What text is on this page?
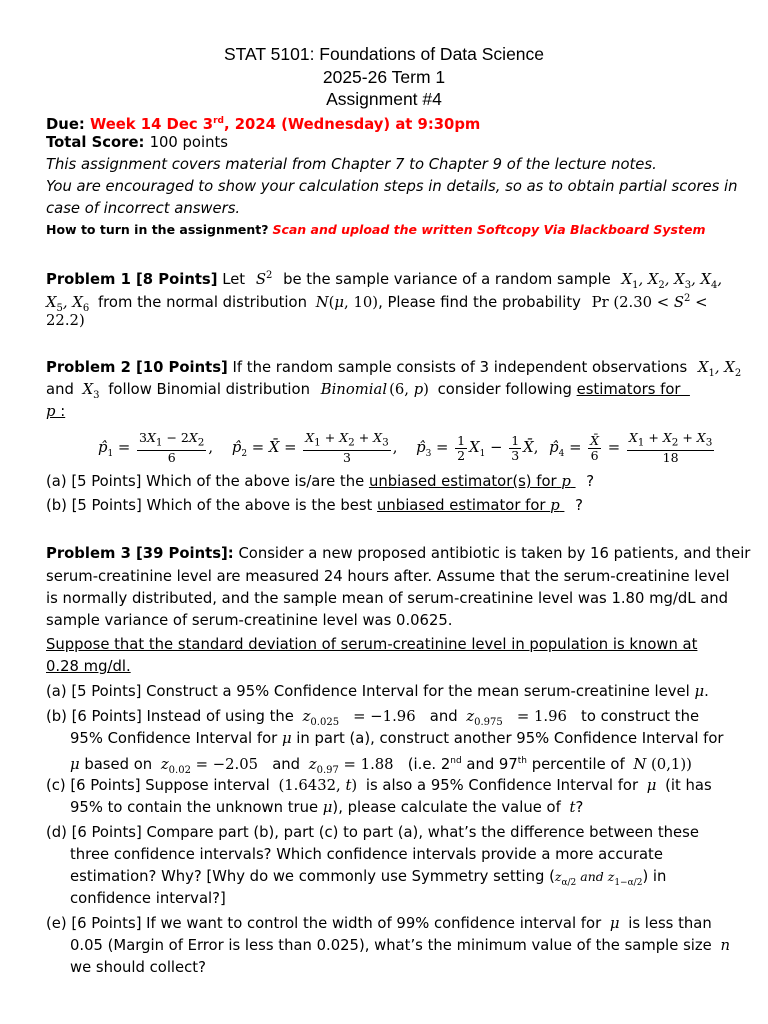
STAT 5101: Foundations of Data Science
2025-26 Term 1
Assignment #4
Due: Week 14 Dec 3rd, 2024 (Wednesday) at 9:30pm
Total Score: 100 points
This assignment covers material from Chapter 7 to Chapter 9 of the lecture notes.
You are encouraged to show your calculation steps in details, so as to obtain partial scores in
case of incorrect answers.
How to turn in the assignment? Scan and upload the written Softcopy Via Blackboard System
Problem 1 [8 Points] Let $S^2$ be the sample variance of a random sample $X_1$, $X_2$, $X_3$, $X_4$,
$X_5$, $X_6$ from the normal distribution N(μ, 10), Please find the probability Pr ($2.30 < S^2$ <
22.2)
Problem 2 [10 Points] If the random sample consists of 3 independent observations $X_1$, $X_2$
and $X_3$ follow Binomial distribution Binomial (6, p) consider following estimators for
p :
$p̂_1 = \frac{3X_1 - 2X_2}{6}$ , $p̂_2$ = X̄ = $\frac{X_1 + X_2 + X_3}{3}$ , $p̂_3 = \frac{1}{2} X_1 - \frac{1}{3}$ X̄, $p̂_4 = \frac{X̄}{6} = \frac{X_1 + X_2 + X_3}{18}$
(a) [5 Points] Which of the above is/are the unbiased estimator(s) for p ?
(b) [5 Points] Which of the above is the best unbiased estimator for p ?
Problem 3 [39 Points]: Consider a new proposed antibiotic is taken by 16 patients, and their
serum-creatinine level are measured 24 hours after. Assume that the serum-creatinine level
is normally distributed, and the sample mean of serum-creatinine level was 1.80 mg/dL and
sample variance of serum-creatinine level was 0.0625.
Suppose that the standard deviation of serum-creatinine level in population is known at
0.28 mg/dl.
(a) [5 Points] Construct a 95% Confidence Interval for the mean serum-creatinine level μ.
(b) [6 Points] Instead of using the $z_{0.025} = -1.96$   and $z_{0.975} = 1.96$   to construct the
95% Confidence Interval for μ in part (a), construct another 95% Confidence Interval for
μ based on $z_{0.02} = -2.05$   and $z_{0.97} = 1.88$   (i.e. 2nd and 97th percentile of N (0,1))
(c) [6 Points] Suppose interval (1.6432, t) is also a 95% Confidence Interval for μ (it has
95% to contain the unknown true μ), please calculate the value of t?
(d) [6 Points] Compare part (b), part (c) to part (a), what’s the difference between these
three confidence intervals? Which confidence intervals provide a more accurate
estimation? Why? [Why do we commonly use Symmetry setting ($z_{\alpha/2}$ and $z_{1-\alpha/2}$) in
confidence interval?]
(e) [6 Points] If we want to control the width of 99% confidence interval for μ is less than
0.05 (Margin of Error is less than 0.025), what’s the minimum value of the sample size n
we should collect?
